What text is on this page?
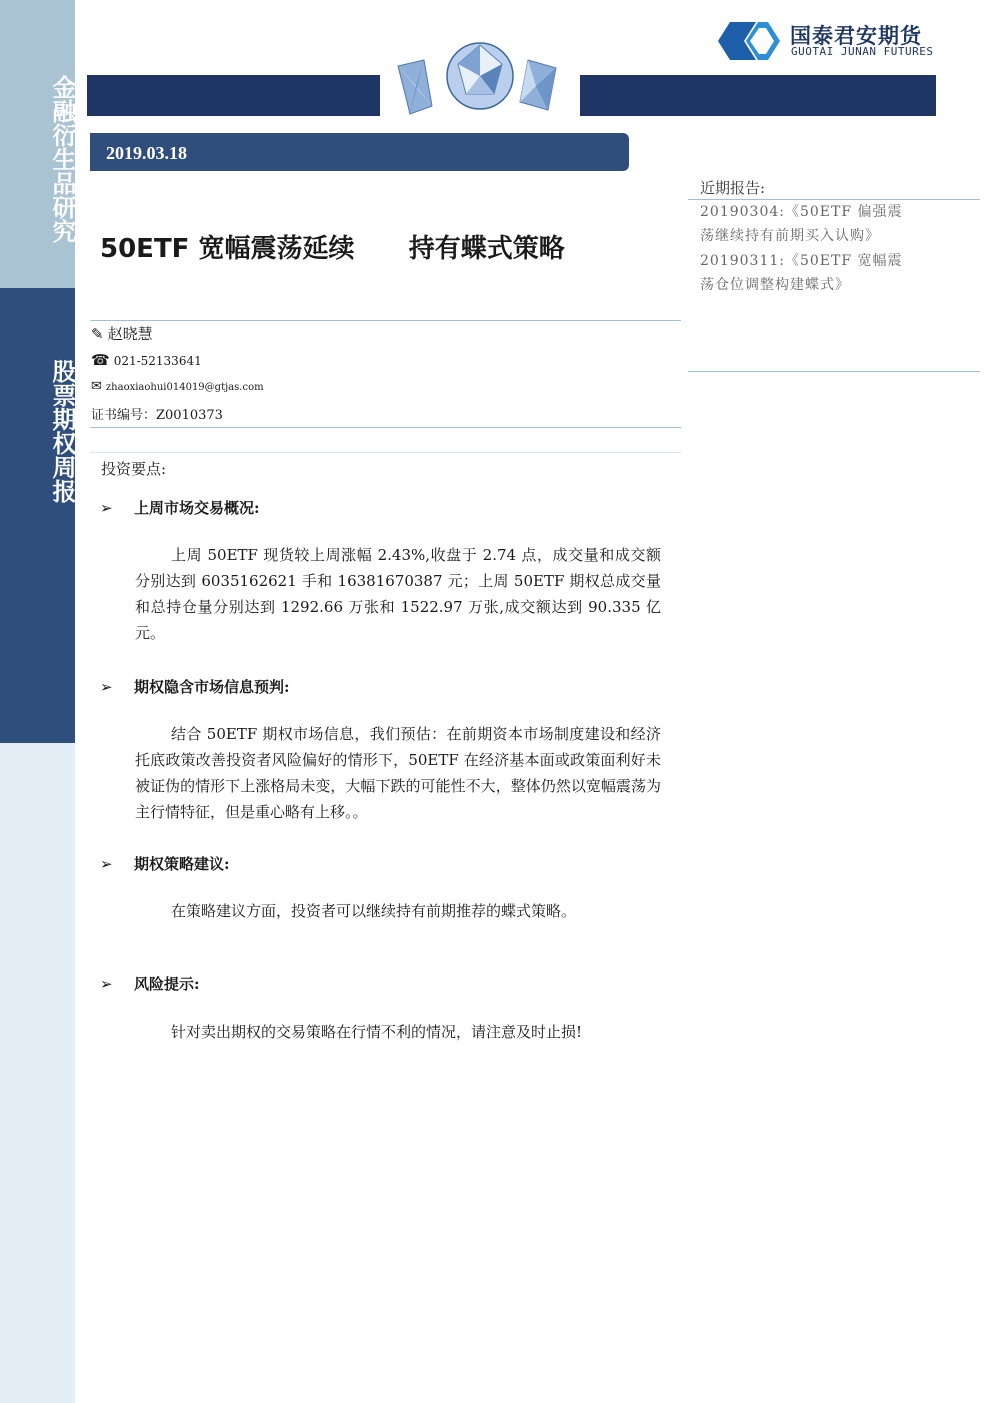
金融衍生品研究
股票期权周报
国泰君安期货
GUOTAI JUNAN FUTURES
2019.03.18
50ETF 宽幅震荡延续      持有蝶式策略
近期报告:
20190304:《50ETF 偏强震荡继续持有前期买入认购》
20190311:《50ETF 宽幅震荡仓位调整构建蝶式》
✎ 赵晓慧
☎ 021-52133641
✉ zhaoxiaohui014019@gtjas.com
证书编号：Z0010373
投资要点:
➢ 上周市场交易概况:
上周 50ETF 现货较上周涨幅 2.43%,收盘于 2.74 点，成交量和成交额分别达到 6035162621 手和 16381670387 元；上周 50ETF 期权总成交量和总持仓量分别达到 1292.66 万张和 1522.97 万张,成交额达到 90.335 亿元。
➢ 期权隐含市场信息预判:
结合 50ETF 期权市场信息，我们预估：在前期资本市场制度建设和经济托底政策改善投资者风险偏好的情形下，50ETF 在经济基本面或政策面利好未被证伪的情形下上涨格局未变，大幅下跌的可能性不大，整体仍然以宽幅震荡为主行情特征，但是重心略有上移。。
➢ 期权策略建议:
在策略建议方面，投资者可以继续持有前期推荐的蝶式策略。
➢ 风险提示:
针对卖出期权的交易策略在行情不利的情况，请注意及时止损!
